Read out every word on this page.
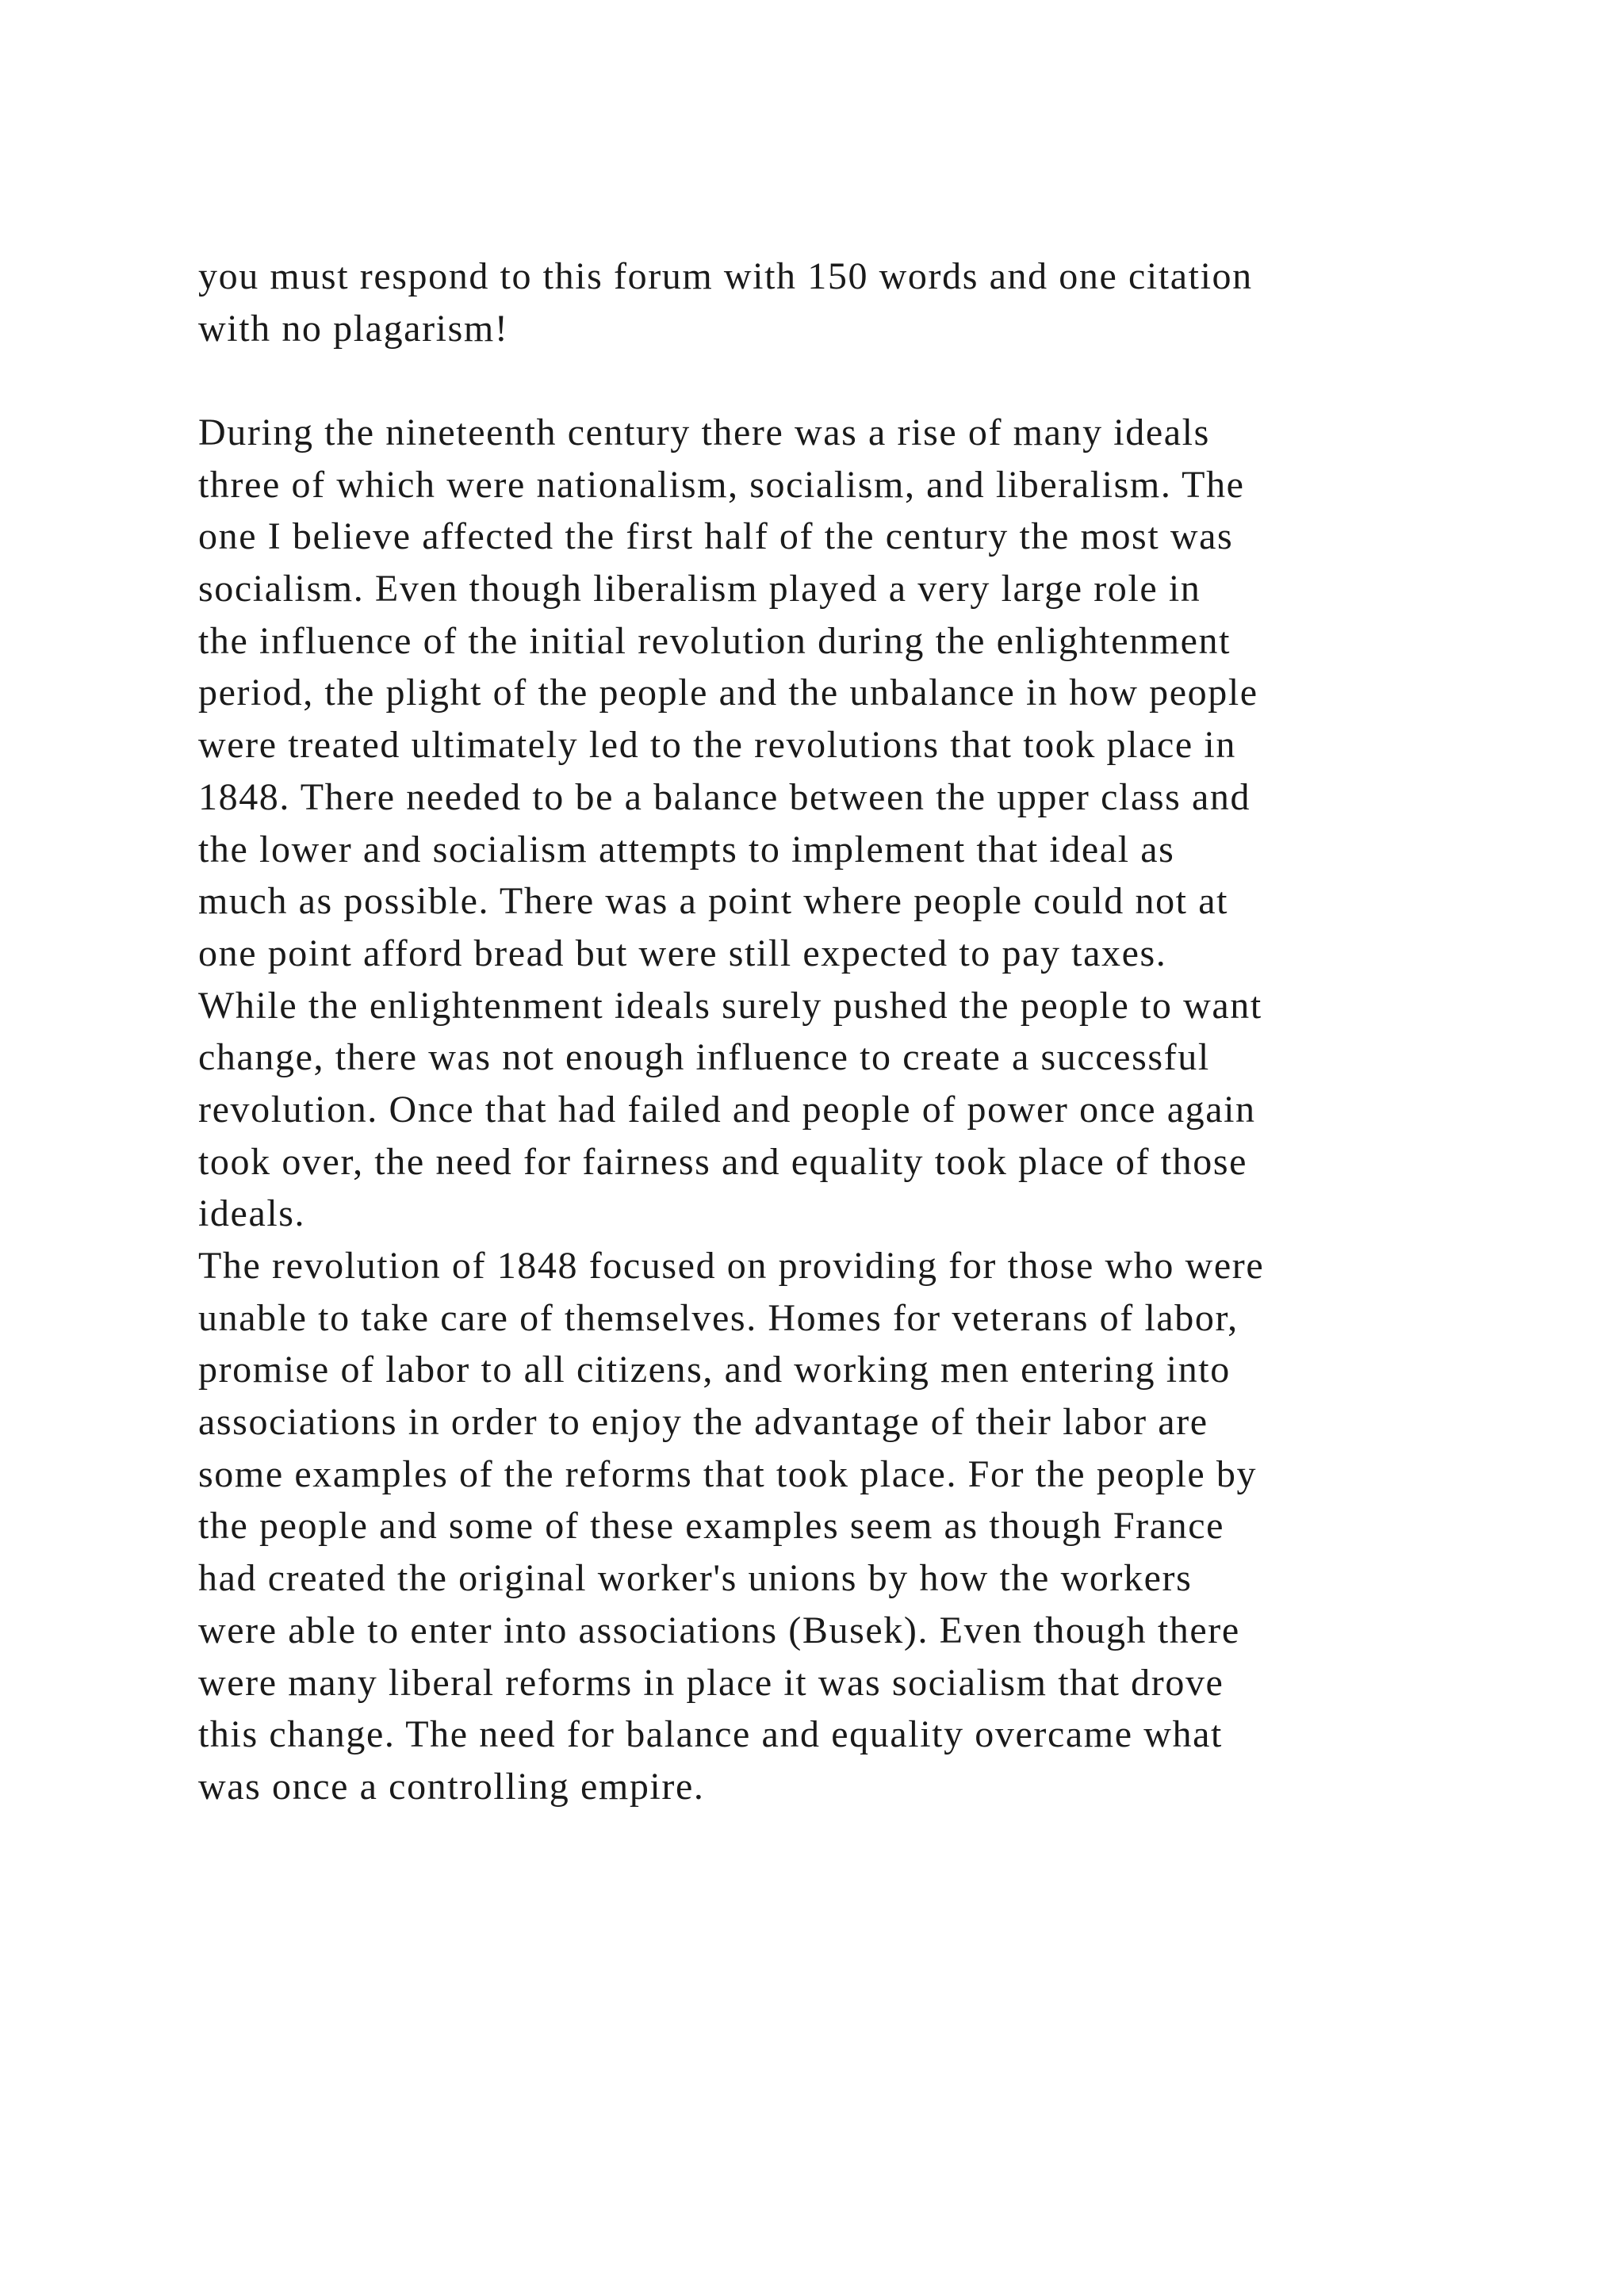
you must respond to this forum with 150 words and one citation
with no plagarism!
During the nineteenth century there was a rise of many ideals
three of which were nationalism, socialism, and liberalism. The
one I believe affected the first half of the century the most was
socialism. Even though liberalism played a very large role in
the influence of the initial revolution during the enlightenment
period, the plight of the people and the unbalance in how people
were treated ultimately led to the revolutions that took place in
1848. There needed to be a balance between the upper class and
the lower and socialism attempts to implement that ideal as
much as possible. There was a point where people could not at
one point afford bread but were still expected to pay taxes.
While the enlightenment ideals surely pushed the people to want
change, there was not enough influence to create a successful
revolution. Once that had failed and people of power once again
took over, the need for fairness and equality took place of those
ideals.
The revolution of 1848 focused on providing for those who were
unable to take care of themselves. Homes for veterans of labor,
promise of labor to all citizens, and working men entering into
associations in order to enjoy the advantage of their labor are
some examples of the reforms that took place. For the people by
the people and some of these examples seem as though France
had created the original worker's unions by how the workers
were able to enter into associations (Busek). Even though there
were many liberal reforms in place it was socialism that drove
this change. The need for balance and equality overcame what
was once a controlling empire.
